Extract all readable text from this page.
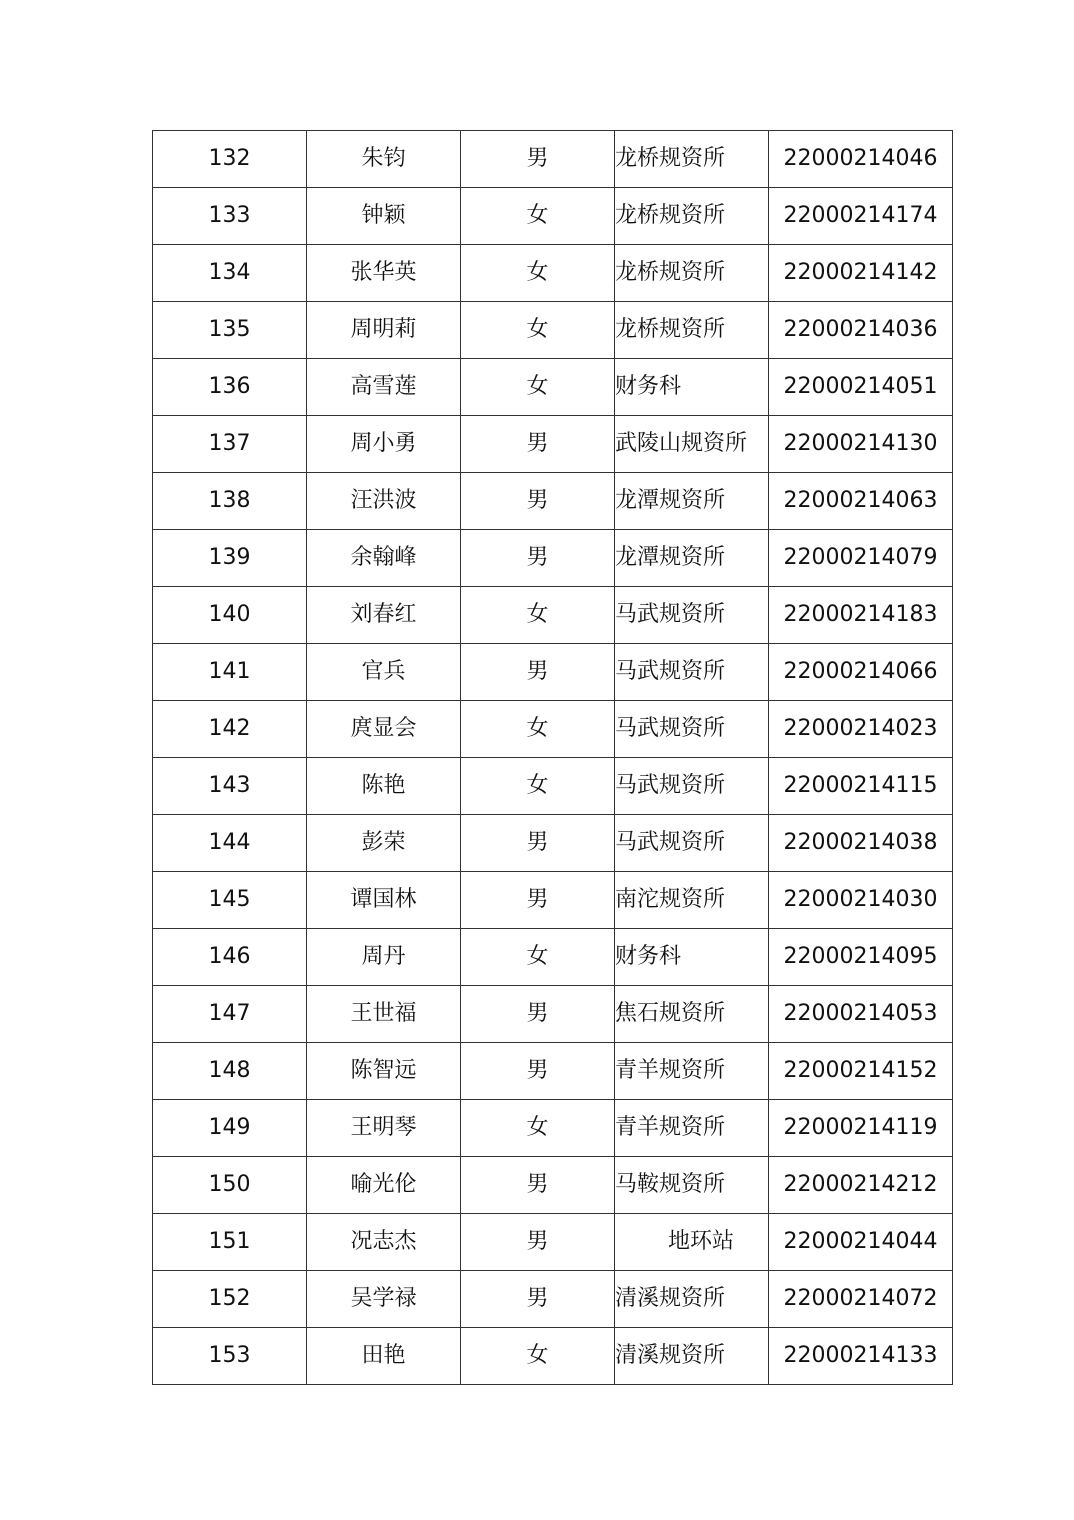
132	朱钧	男	龙桥规资所	22000214046
133	钟颖	女	龙桥规资所	22000214174
134	张华英	女	龙桥规资所	22000214142
135	周明莉	女	龙桥规资所	22000214036
136	高雪莲	女	财务科	22000214051
137	周小勇	男	武陵山规资所	22000214130
138	汪洪波	男	龙潭规资所	22000214063
139	余翰峰	男	龙潭规资所	22000214079
140	刘春红	女	马武规资所	22000214183
141	官兵	男	马武规资所	22000214066
142	庹显会	女	马武规资所	22000214023
143	陈艳	女	马武规资所	22000214115
144	彭荣	男	马武规资所	22000214038
145	谭国林	男	南沱规资所	22000214030
146	周丹	女	财务科	22000214095
147	王世福	男	焦石规资所	22000214053
148	陈智远	男	青羊规资所	22000214152
149	王明琴	女	青羊规资所	22000214119
150	喻光伦	男	马鞍规资所	22000214212
151	况志杰	男	地环站	22000214044
152	吴学禄	男	清溪规资所	22000214072
153	田艳	女	清溪规资所	22000214133
